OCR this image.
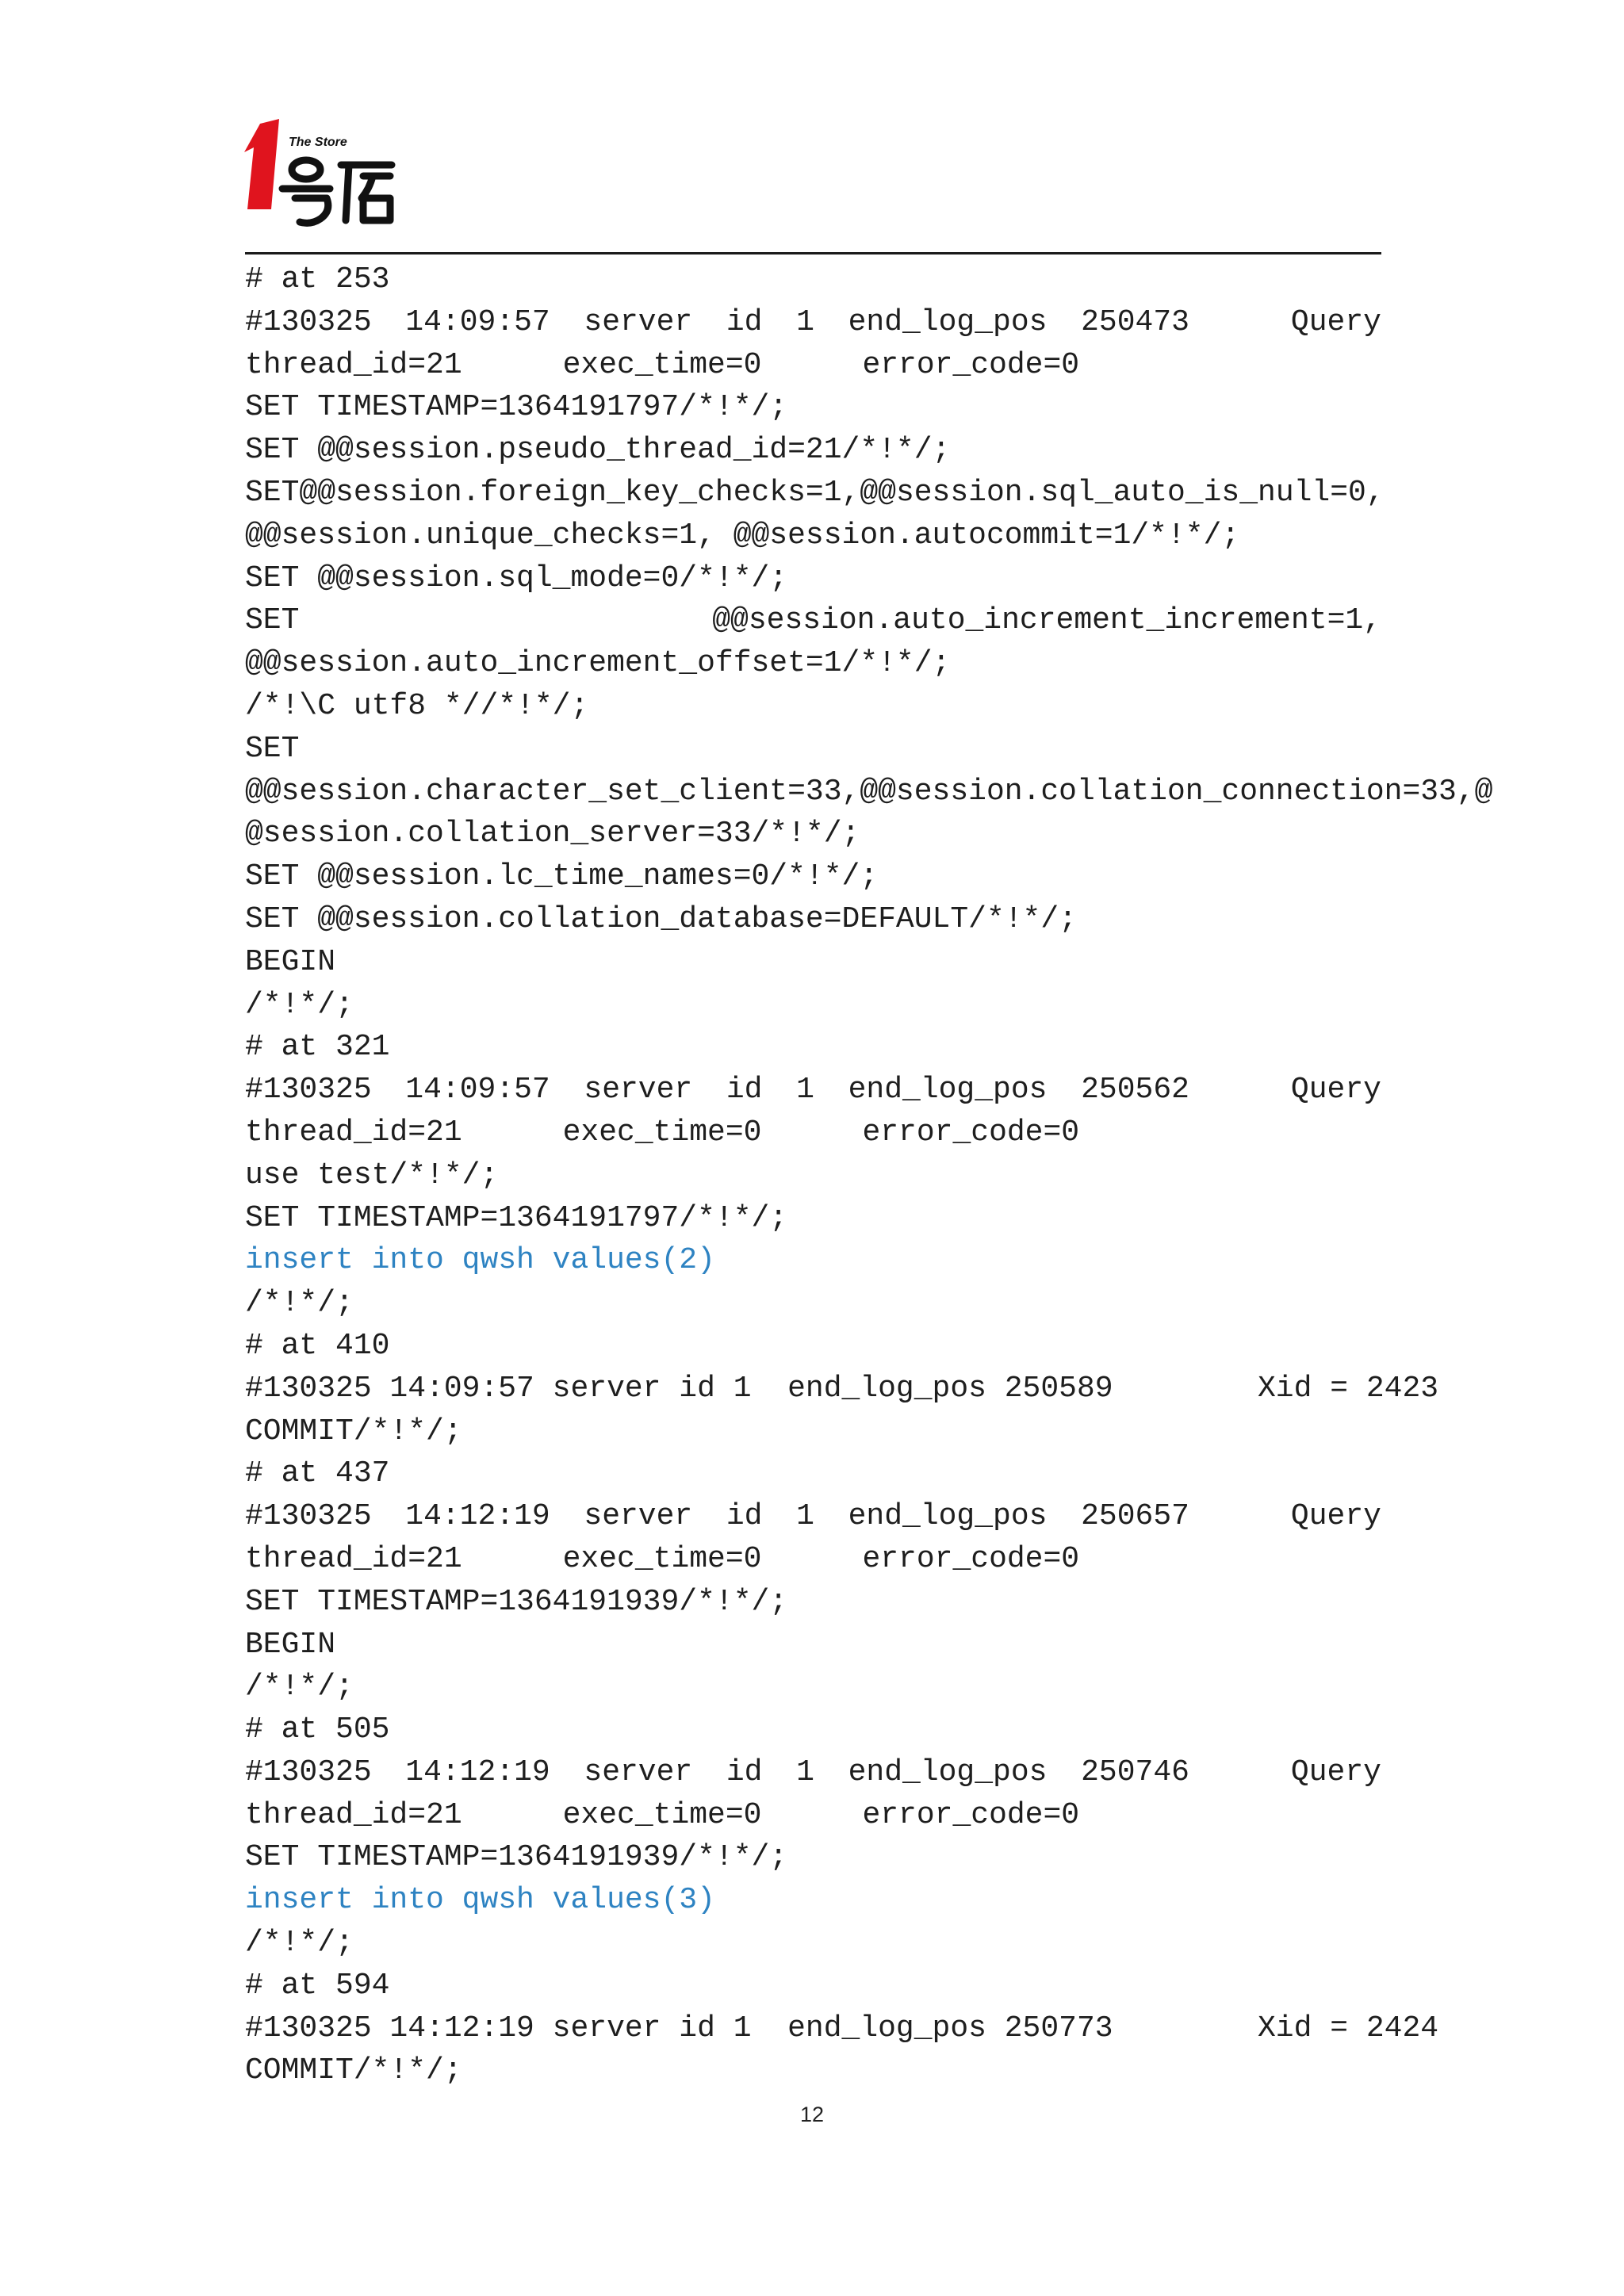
The Store
# at 253
#130325 14:09:57 server id 1 end_log_pos 250473	Query
thread_id=21	exec_time=0	error_code=0
SET TIMESTAMP=1364191797/*!*/;
SET @@session.pseudo_thread_id=21/*!*/;
SET @@session.foreign_key_checks=1, @@session.sql_auto_is_null=0,
@@session.unique_checks=1, @@session.autocommit=1/*!*/;
SET @@session.sql_mode=0/*!*/;
SET	@@session.auto_increment_increment=1,
@@session.auto_increment_offset=1/*!*/;
/*!\C utf8 *//*!*/;
SET
@@session.character_set_client=33,@@session.collation_connection=33,@
@session.collation_server=33/*!*/;
SET @@session.lc_time_names=0/*!*/;
SET @@session.collation_database=DEFAULT/*!*/;
BEGIN
/*!*/;
# at 321
#130325 14:09:57 server id 1 end_log_pos 250562	Query
thread_id=21	exec_time=0	error_code=0
use test/*!*/;
SET TIMESTAMP=1364191797/*!*/;
insert into qwsh values(2)
/*!*/;
# at 410
#130325 14:09:57 server id 1  end_log_pos 250589        Xid = 2423
COMMIT/*!*/;
# at 437
#130325 14:12:19 server id 1 end_log_pos 250657	Query
thread_id=21	exec_time=0	error_code=0
SET TIMESTAMP=1364191939/*!*/;
BEGIN
/*!*/;
# at 505
#130325 14:12:19 server id 1 end_log_pos 250746	Query
thread_id=21	exec_time=0	error_code=0
SET TIMESTAMP=1364191939/*!*/;
insert into qwsh values(3)
/*!*/;
# at 594
#130325 14:12:19 server id 1  end_log_pos 250773        Xid = 2424
COMMIT/*!*/;
12
